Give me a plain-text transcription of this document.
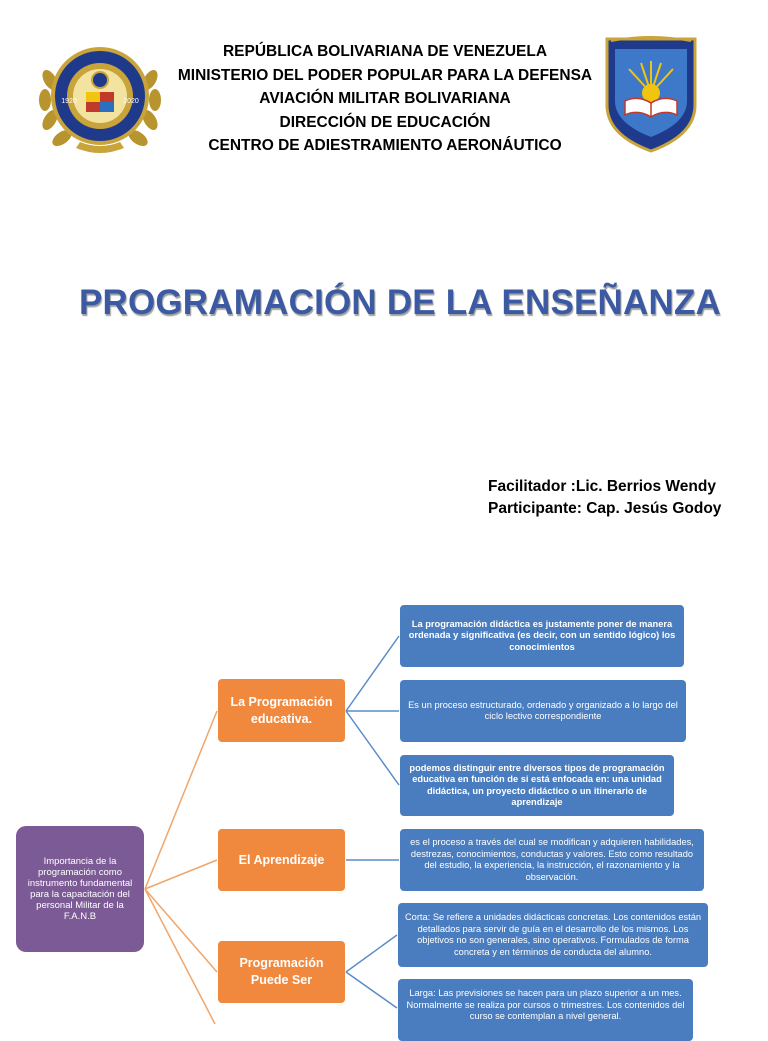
1920	2020
REPÚBLICA BOLIVARIANA DE VENEZUELA
MINISTERIO DEL PODER POPULAR PARA LA DEFENSA
AVIACIÓN MILITAR BOLIVARIANA
DIRECCIÓN DE EDUCACIÓN
CENTRO DE ADIESTRAMIENTO AERONÁUTICO
PROGRAMACIÓN DE LA ENSEÑANZA
Facilitador :Lic. Berrios Wendy
Participante: Cap. Jesús Godoy
Importancia de la programación como instrumento fundamental para la capacitación del personal Militar de la F.A.N.B
La Programación educativa.
El Aprendizaje
Programación Puede Ser
La programación didáctica es justamente poner de manera ordenada y significativa (es decir, con un sentido lógico) los conocimientos
Es un proceso estructurado, ordenado y organizado a lo largo del ciclo lectivo correspondiente
podemos distinguir entre diversos tipos de programación educativa en función de si está enfocada en: una unidad didáctica, un proyecto didáctico o un itinerario de aprendizaje
es el proceso a través del cual se modifican y adquieren habilidades, destrezas, conocimientos, conductas y valores. Esto como resultado del estudio, la experiencia, la instrucción, el razonamiento y la observación.
Corta: Se refiere a unidades didácticas concretas. Los contenidos están detallados para servir de guía en el desarrollo de los mismos. Los objetivos no son generales, sino operativos. Formulados de forma concreta y en términos de conducta del alumno.
Larga: Las previsiones se hacen para un plazo superior a un mes. Normalmente se realiza por cursos o trimestres. Los contenidos del curso se contemplan a nivel general.
